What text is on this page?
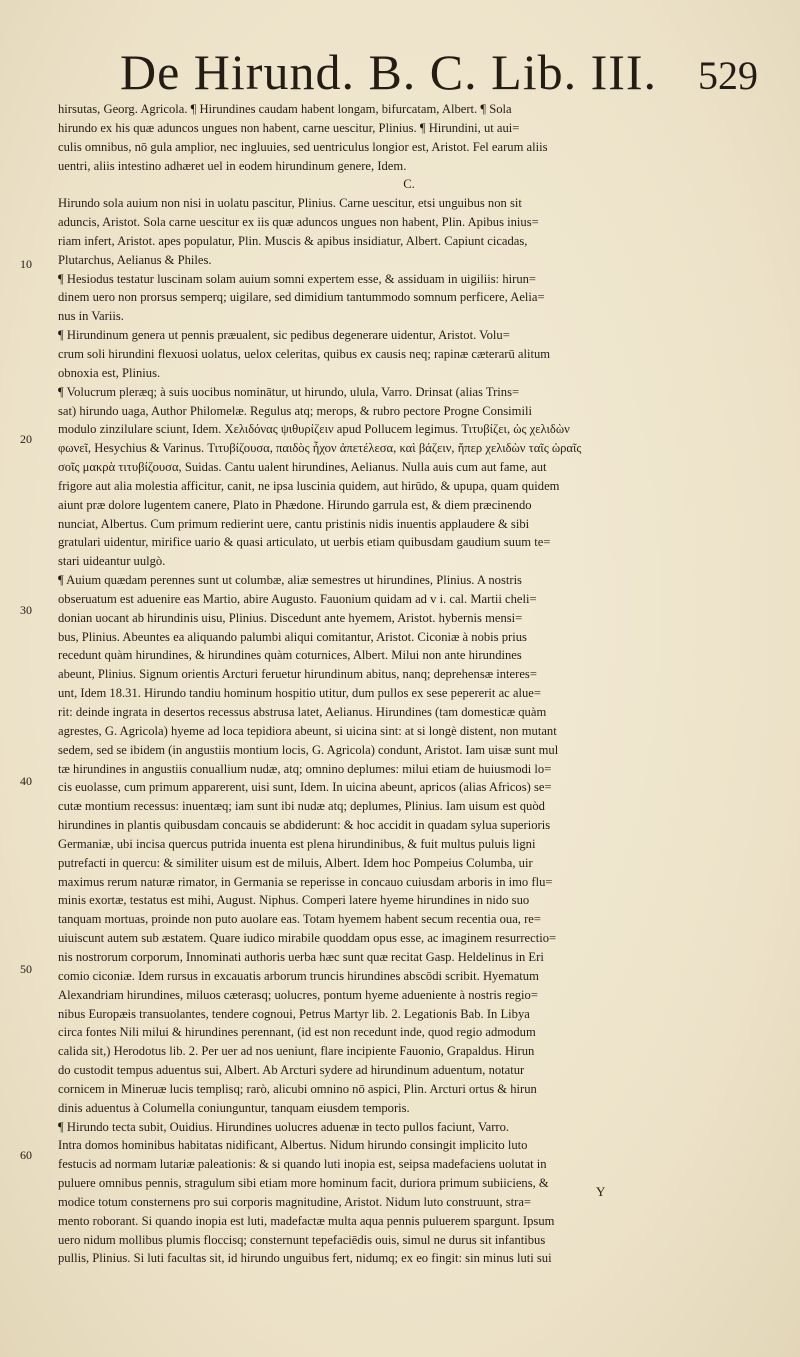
De Hirund. B. C. Lib. III. 529
10
20
30
40
50
60
hirsutas, Georg. Agricola. ¶ Hirundines caudam habent longam, bifurcatam, Albert. ¶ Sola
hirundo ex his quæ aduncos ungues non habent, carne uescitur, Plinius. ¶ Hirundini, ut aui=
culis omnibus, nō gula amplior, nec ingluuies, sed uentriculus longior est, Aristot. Fel earum aliis
uentri, aliis intestino adhæret uel in eodem hirundinum genere, Idem.
C.
Hirundo sola auium non nisi in uolatu pascitur, Plinius. Carne uescitur, etsi unguibus non sit
aduncis, Aristot. Sola carne uescitur ex iis quæ aduncos ungues non habent, Plin. Apibus inius=
riam infert, Aristot. apes populatur, Plin. Muscis & apibus insidiatur, Albert. Capiunt cicadas,
Plutarchus, Aelianus & Philes.
¶ Hesiodus testatur luscinam solam auium somni expertem esse, & assiduam in uigiliis: hirun=
dinem uero non prorsus semperq; uigilare, sed dimidium tantummodo somnum perficere, Aelia=
nus in Variis.
¶ Hirundinum genera ut pennis præualent, sic pedibus degenerare uidentur, Aristot. Volu=
crum soli hirundini flexuosi uolatus, uelox celeritas, quibus ex causis neq; rapinæ cæterarū alitum
obnoxia est, Plinius.
¶ Volucrum pleræq; à suis uocibus nominātur, ut hirundo, ulula, Varro. Drinsat (alias Trins=
sat) hirundo uaga, Author Philomelæ. Regulus atq; merops, & rubro pectore Progne Consimili
modulo zinzilulare sciunt, Idem. Χελιδόνας ψιθυρίζειν apud Pollucem legimus. Τιτυβίζει, ὡς χελιδὼν
φωνεῖ, Hesychius & Varinus. Τιτυβίζουσα, παιδὸς ἦχον ἀπετέλεσα, καὶ βάζειν, ἥπερ χελιδὼν ταῖς ὡραῖς
σοῖς μακρὰ τιτυβίζουσα, Suidas. Cantu ualent hirundines, Aelianus. Nulla auis cum aut fame, aut
frigore aut alia molestia afficitur, canit, ne ipsa luscinia quidem, aut hirūdo, & upupa, quam quidem
aiunt præ dolore lugentem canere, Plato in Phædone. Hirundo garrula est, & diem præcinendo
nunciat, Albertus. Cum primum redierint uere, cantu pristinis nidis inuentis applaudere & sibi
gratulari uidentur, mirifice uario & quasi articulato, ut uerbis etiam quibusdam gaudium suum te=
stari uideantur uulgò.
¶ Auium quædam perennes sunt ut columbæ, aliæ semestres ut hirundines, Plinius. A nostris
obseruatum est aduenire eas Martio, abire Augusto. Fauonium quidam ad v i. cal. Martii cheli=
donian uocant ab hirundinis uisu, Plinius. Discedunt ante hyemem, Aristot. hybernis mensi=
bus, Plinius. Abeuntes ea aliquando palumbi aliqui comitantur, Aristot. Ciconiæ à nobis prius
recedunt quàm hirundines, & hirundines quàm coturnices, Albert. Milui non ante hirundines
abeunt, Plinius. Signum orientis Arcturi feruetur hirundinum abitus, nanq; deprehensæ interes=
unt, Idem 18.31. Hirundo tandiu hominum hospitio utitur, dum pullos ex sese pepererit ac alue=
rit: deinde ingrata in desertos recessus abstrusa latet, Aelianus. Hirundines (tam domesticæ quàm
agrestes, G. Agricola) hyeme ad loca tepidiora abeunt, si uicina sint: at si longè distent, non mutant
sedem, sed se ibidem (in angustiis montium locis, G. Agricola) condunt, Aristot. Iam uisæ sunt mul
tæ hirundines in angustiis conuallium nudæ, atq; omnino deplumes: milui etiam de huiusmodi lo=
cis euolasse, cum primum apparerent, uisi sunt, Idem. In uicina abeunt, apricos (alias Africos) se=
cutæ montium recessus: inuentæq; iam sunt ibi nudæ atq; deplumes, Plinius. Iam uisum est quòd
hirundines in plantis quibusdam concauis se abdiderunt: & hoc accidit in quadam sylua superioris
Germaniæ, ubi incisa quercus putrida inuenta est plena hirundinibus, & fuit multus puluis ligni
putrefacti in quercu: & similiter uisum est de miluis, Albert. Idem hoc Pompeius Columba, uir
maximus rerum naturæ rimator, in Germania se reperisse in concauo cuiusdam arboris in imo flu=
minis exortæ, testatus est mihi, August. Niphus. Comperi latere hyeme hirundines in nido suo
tanquam mortuas, proinde non puto auolare eas. Totam hyemem habent secum recentia oua, re=
uiuiscunt autem sub æstatem. Quare iudico mirabile quoddam opus esse, ac imaginem resurrectio=
nis nostrorum corporum, Innominati authoris uerba hæc sunt quæ recitat Gasp. Heldelinus in Eri
comio ciconiæ. Idem rursus in excauatis arborum truncis hirundines abscōdi scribit. Hyematum
Alexandriam hirundines, miluos cæterasq; uolucres, pontum hyeme adueniente à nostris regio=
nibus Europæis transuolantes, tendere cognoui, Petrus Martyr lib. 2. Legationis Bab. In Libya
circa fontes Nili milui & hirundines perennant, (id est non recedunt inde, quod regio admodum
calida sit,) Herodotus lib. 2. Per uer ad nos ueniunt, flare incipiente Fauonio, Grapaldus. Hirun
do custodit tempus aduentus sui, Albert. Ab Arcturi sydere ad hirundinum aduentum, notatur
cornicem in Mineruæ lucis templisq; rarò, alicubi omnino nō aspici, Plin. Arcturi ortus & hirun
dinis aduentus à Columella coniunguntur, tanquam eiusdem temporis.
¶ Hirundo tecta subit, Ouidius. Hirundines uolucres aduenæ in tecto pullos faciunt, Varro.
Intra domos hominibus habitatas nidificant, Albertus. Nidum hirundo consingit implicito luto
festucis ad normam lutariæ paleationis: & si quando luti inopia est, seipsa madefaciens uolutat in
puluere omnibus pennis, stragulum sibi etiam more hominum facit, duriora primum subiiciens, &
modice totum consternens pro sui corporis magnitudine, Aristot. Nidum luto construunt, stra=
mento roborant. Si quando inopia est luti, madefactæ multa aqua pennis puluerem spargunt. Ipsum
uero nidum mollibus plumis floccisq; consternunt tepefaciēdis ouis, simul ne durus sit infantibus
pullis, Plinius. Si luti facultas sit, id hirundo unguibus fert, nidumq; ex eo fingit: sin minus luti sui
Y
